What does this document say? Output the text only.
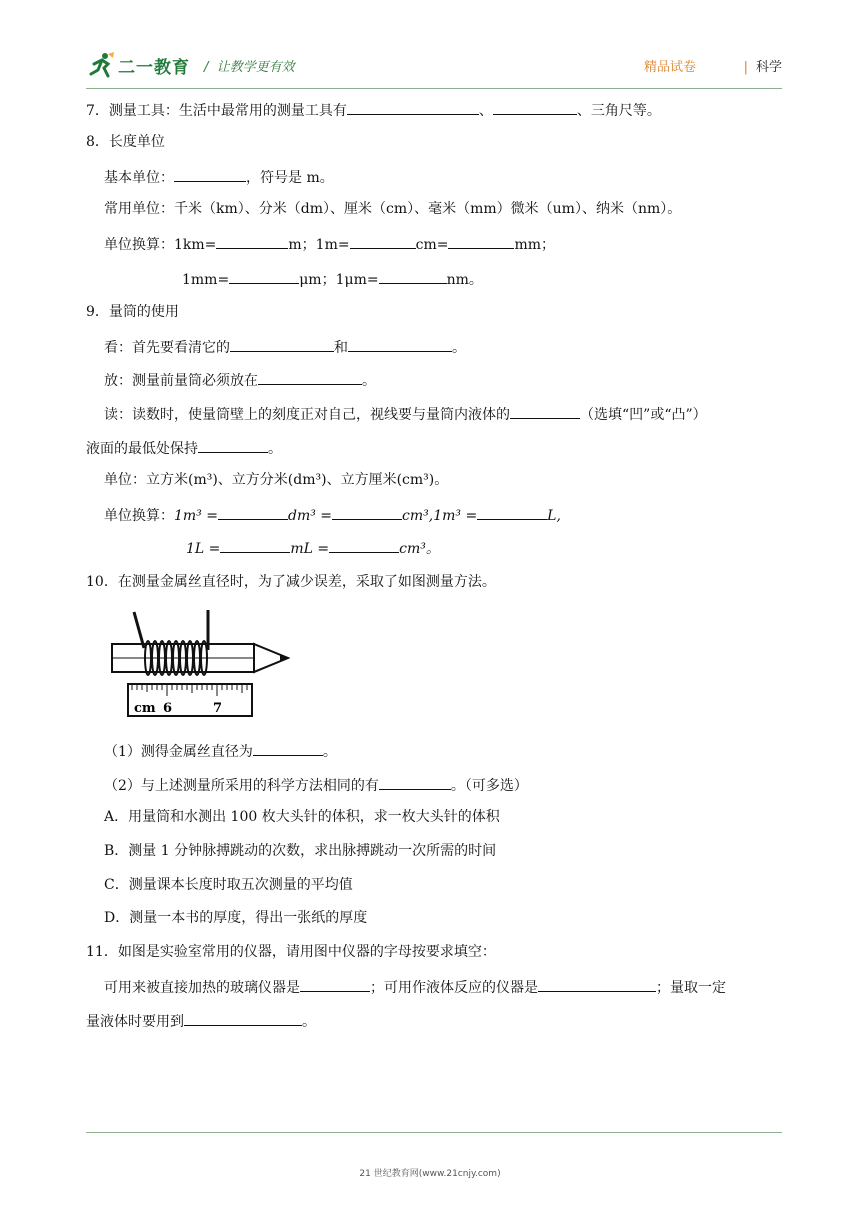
二一教育 /  让教学更有效	精品试卷	| 科学
7．测量工具：生活中最常用的测量工具有	、	、三角尺等。
8．长度单位
基本单位：	，符号是 m。
常用单位：千米（km）、分米（dm）、厘米（cm）、毫米（mm）微米（um）、纳米（nm）。
单位换算：1km=	m；1m=	cm=	mm；
1mm=	μm；1μm=	nm。
9．量筒的使用
看：首先要看清它的	和	。
放：测量前量筒必须放在	。
读：读数时，使量筒壁上的刻度正对自己，视线要与量筒内液体的	（选填“凹”或“凸”）
液面的最低处保持	。
单位：立方米(m³)、立方分米(dm³)、立方厘米(cm³)。
单位换算：1m³ =	dm³ =	cm³,1m³ =	L,
1L =	mL =	cm³。
10．在测量金属丝直径时，为了减少误差，采取了如图测量方法。
cm 6	7
（1）测得金属丝直径为	。
（2）与上述测量所采用的科学方法相同的有	。（可多选）
A．用量筒和水测出 100 枚大头针的体积，求一枚大头针的体积
B．测量 1 分钟脉搏跳动的次数，求出脉搏跳动一次所需的时间
C．测量课本长度时取五次测量的平均值
D．测量一本书的厚度，得出一张纸的厚度
11．如图是实验室常用的仪器，请用图中仪器的字母按要求填空：
可用来被直接加热的玻璃仪器是	；可用作液体反应的仪器是	；量取一定
量液体时要用到	。
21 世纪教育网(www.21cnjy.com)
